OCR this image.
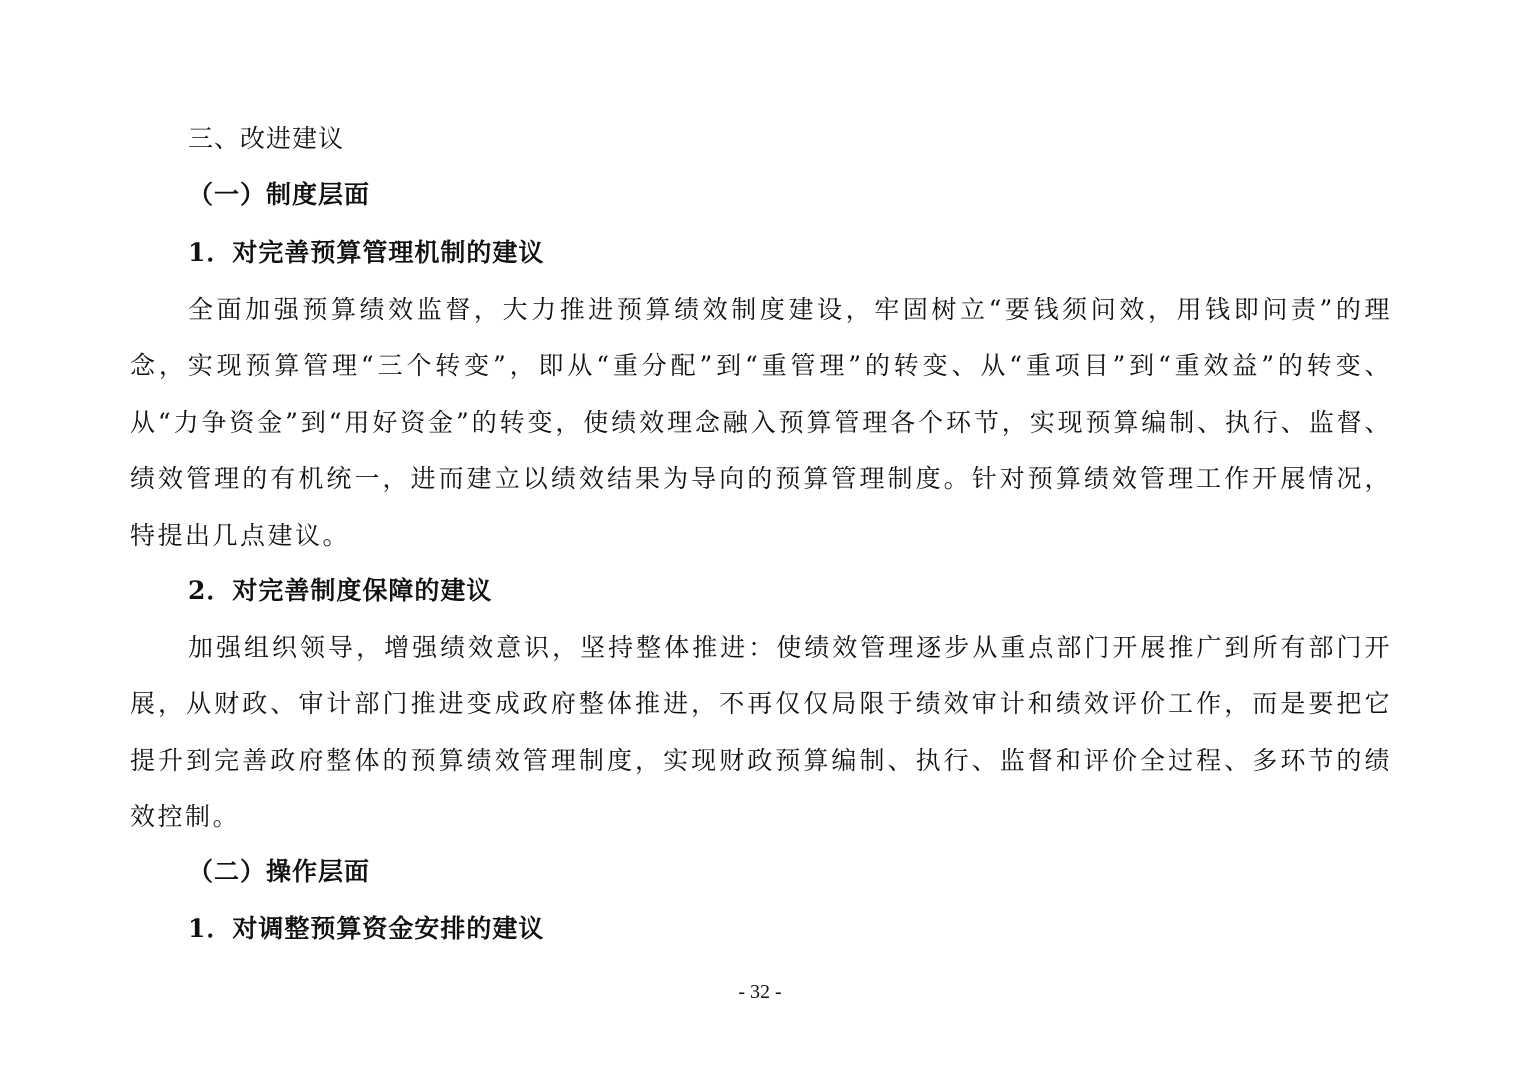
三、改进建议
（一）制度层面
1．对完善预算管理机制的建议
全面加强预算绩效监督，大力推进预算绩效制度建设，牢固树立“要钱须问效，用钱即问责”的理念，实现预算管理“三个转变”，即从“重分配”到“重管理”的转变、从“重项目”到“重效益”的转变、从“力争资金”到“用好资金”的转变，使绩效理念融入预算管理各个环节，实现预算编制、执行、监督、绩效管理的有机统一，进而建立以绩效结果为导向的预算管理制度。针对预算绩效管理工作开展情况，特提出几点建议。
2．对完善制度保障的建议
加强组织领导，增强绩效意识，坚持整体推进：使绩效管理逐步从重点部门开展推广到所有部门开展，从财政、审计部门推进变成政府整体推进，不再仅仅局限于绩效审计和绩效评价工作，而是要把它提升到完善政府整体的预算绩效管理制度，实现财政预算编制、执行、监督和评价全过程、多环节的绩效控制。
（二）操作层面
1．对调整预算资金安排的建议
- 32 -
